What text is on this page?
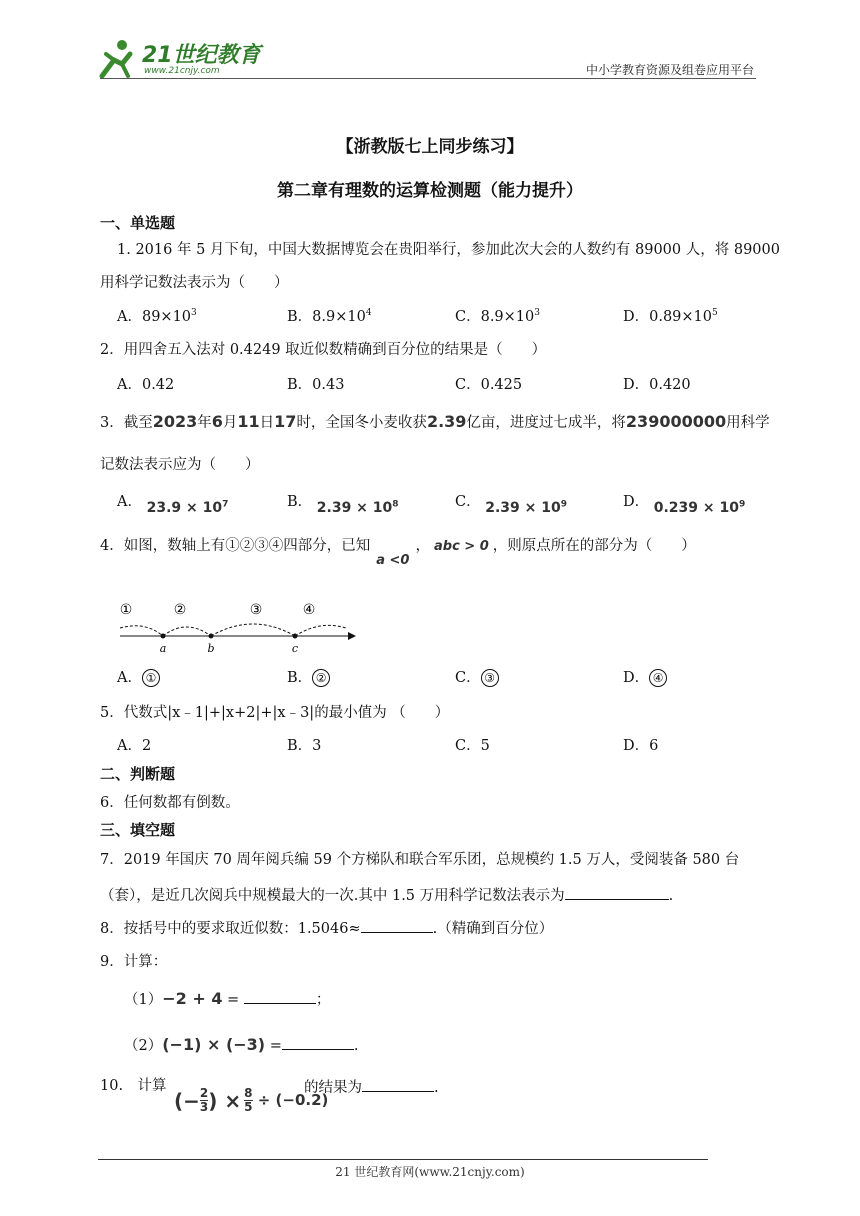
21世纪教育
www.21cnjy.com	中小学教育资源及组卷应用平台
【浙教版七上同步练习】
第二章有理数的运算检测题（能力提升）
一、单选题
1. 2016 年 5 月下旬，中国大数据博览会在贵阳举行，参加此次大会的人数约有 89000 人，将 89000
用科学记数法表示为（　　）
A．$89\times 10^3$	B．$8.9\times 10^4$	C．$8.9\times 10^3$	D．$0.89\times 10^5$
2．用四舍五入法对 0.4249 取近似数精确到百分位的结果是（　　）
A．0.42	B．0.43	C．0.425	D．0.420
3．截至2023年6月11日17时，全国冬小麦收获2.39亿亩，进度过七成半，将239000000用科学
记数法表示应为（　　）
A． $23.9 \times 10^7$	B． $2.39 \times 10^8$	C． $2.39 \times 10^9$	D． $0.239 \times 10^9$
4．如图，数轴上有①②③④四部分，已知a <0， abc > 0 ，则原点所在的部分为（　　）
①	②	③	④
a	b	c
A． ①	B． ②	C． ③	D． ④
5．代数式|x﹣1|+|x+2|+|x﹣3|的最小值为 （　　）
A．2	B．3	C．5	D．6
二、判断题
6．任何数都有倒数。
三、填空题
7．2019 年国庆 70 周年阅兵编 59 个方梯队和联合军乐团，总规模约 1.5 万人，受阅装备 580 台
（套），是近几次阅兵中规模最大的一次.其中 1.5 万用科学记数法表示为	.
8．按括号中的要求取近似数：1.5046≈	.（精确到百分位）
9．计算：
（1）−2 + 4 =	；
（2）(−1) × (−3) =	.
10.　计算
(− $\frac{2}{3}$ ) × $\frac{8}{5} \div (-0.2)$
的结果为	.
21 世纪教育网(www.21cnjy.com)
